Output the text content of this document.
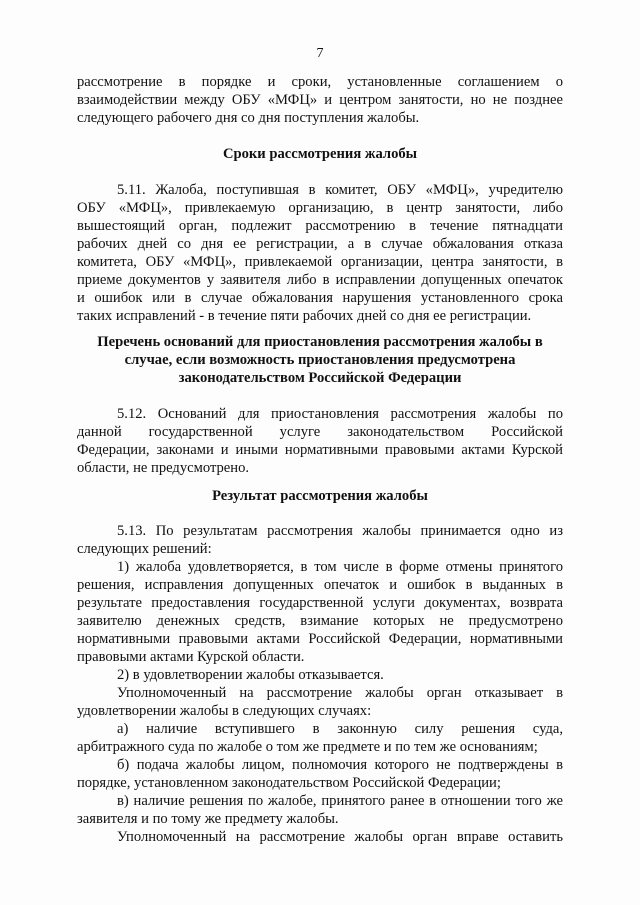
7
рассмотрение в порядке и сроки, установленные соглашением о
взаимодействии между ОБУ «МФЦ» и центром занятости, но не позднее
следующего рабочего дня со дня поступления жалобы.
Сроки рассмотрения жалобы
5.11. Жалоба, поступившая в комитет, ОБУ «МФЦ», учредителю
ОБУ «МФЦ», привлекаемую организацию, в центр занятости, либо
вышестоящий орган, подлежит рассмотрению в течение пятнадцати
рабочих дней со дня ее регистрации, а в случае обжалования отказа
комитета, ОБУ «МФЦ», привлекаемой организации, центра занятости, в
приеме документов у заявителя либо в исправлении допущенных опечаток
и ошибок или в случае обжалования нарушения установленного срока
таких исправлений - в течение пяти рабочих дней со дня ее регистрации.
Перечень оснований для приостановления рассмотрения жалобы в
случае, если возможность приостановления предусмотрена
законодательством Российской Федерации
5.12. Оснований для приостановления рассмотрения жалобы по
данной государственной услуге законодательством Российской
Федерации, законами и иными нормативными правовыми актами Курской
области, не предусмотрено.
Результат рассмотрения жалобы
5.13. По результатам рассмотрения жалобы принимается одно из
следующих решений:
1) жалоба удовлетворяется, в том числе в форме отмены принятого
решения, исправления допущенных опечаток и ошибок в выданных в
результате предоставления государственной услуги документах, возврата
заявителю денежных средств, взимание которых не предусмотрено
нормативными правовыми актами Российской Федерации, нормативными
правовыми актами Курской области.
2) в удовлетворении жалобы отказывается.
Уполномоченный на рассмотрение жалобы орган отказывает в
удовлетворении жалобы в следующих случаях:
а) наличие вступившего в законную силу решения суда,
арбитражного суда по жалобе о том же предмете и по тем же основаниям;
б) подача жалобы лицом, полномочия которого не подтверждены в
порядке, установленном законодательством Российской Федерации;
в) наличие решения по жалобе, принятого ранее в отношении того же
заявителя и по тому же предмету жалобы.
Уполномоченный на рассмотрение жалобы орган вправе оставить
